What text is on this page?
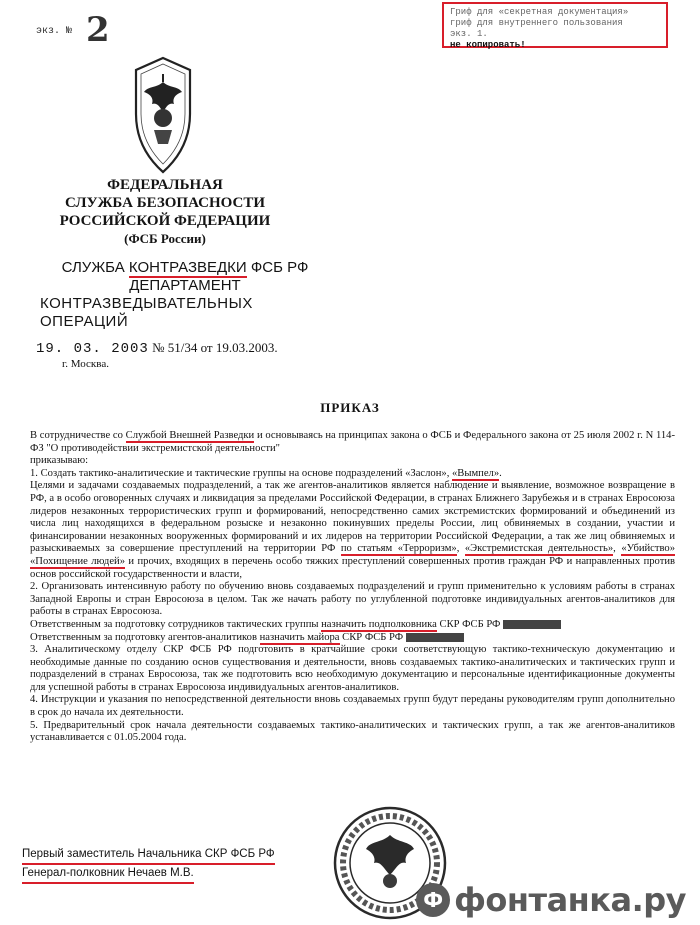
экз. № 2	Гриф для «секретная документация»
гриф для внутреннего пользования
экз. 1.
не копировать!
ФЕДЕРАЛЬНАЯ
СЛУЖБА БЕЗОПАСНОСТИ
РОССИЙСКОЙ ФЕДЕРАЦИИ
(ФСБ России)
СЛУЖБА КОНТРАЗВЕДКИ ФСБ РФ
ДЕПАРТАМЕНТ
КОНТРАЗВЕДЫВАТЕЛЬНЫХ ОПЕРАЦИЙ
19. 03. 2003 № 51/34 от 19.03.2003.
г. Москва.
ПРИКАЗ

В сотрудничестве со Службой Внешней Разведки и основываясь на принципах закона о ФСБ и Федерального закона от 25 июля 2002 г. N 114-ФЗ "О противодействии экстремистской деятельности"

приказываю:

1. Создать тактико-аналитические и тактические группы на основе подразделений «Заслон», «Вымпел».

Целями и задачами создаваемых подразделений, а так же агентов-аналитиков является наблюдение и выявление, возможное возвращение в РФ, а в особо оговоренных случаях и ликвидация за пределами Российской Федерации, в странах Ближнего Зарубежья и в странах Евросоюза лидеров незаконных террористических групп и формирований, непосредственно самих экстремистских формирований и объединений из числа лиц находящихся в федеральном розыске и незаконно покинувших пределы России, лиц обвиняемых в создании, участии и финансировании незаконных вооруженных формирований и их лидеров на территории Российской Федерации, а так же лиц обвиняемых и разыскиваемых за совершение преступлений на территории РФ по статьям «Терроризм», «Экстремистская деятельность», «Убийство» «Похищение людей» и прочих, входящих в перечень особо тяжких преступлений совершенных против граждан РФ и направленных против основ российской государственности и власти,

2. Организовать интенсивную работу по обучению вновь создаваемых подразделений и групп применительно к условиям работы в странах Западной Европы и стран Евросоюза в целом. Так же начать работу по углубленной подготовке индивидуальных агентов-аналитиков для работы в странах Евросоюза.

Ответственным за подготовку сотрудников тактических группы назначить подполковника СКР ФСБ РФ

Ответственным за подготовку агентов-аналитиков назначить майора СКР ФСБ РФ

3. Аналитическому отделу СКР ФСБ РФ подготовить в кратчайшие сроки соответствующую тактико-техническую документацию и необходимые данные по созданию основ существования и деятельности, вновь создаваемых тактико-аналитических и тактических групп и подразделений в странах Евросоюза, так же подготовить всю необходимую документацию и персональные идентификационные документы для успешной работы в странах Евросоюза индивидуальных агентов-аналитиков.

4. Инструкции и указания по непосредственной деятельности вновь создаваемых групп будут переданы руководителям групп дополнительно в срок до начала их деятельности.

5. Предварительный срок начала деятельности создаваемых тактико-аналитических и тактических групп, а так же агентов-аналитиков устанавливается с 01.05.2004 года.

Первый заместитель Начальника СКР ФСБ РФ
Генерал-полковник Нечаев М.В.
Ф фонтанка.ру
